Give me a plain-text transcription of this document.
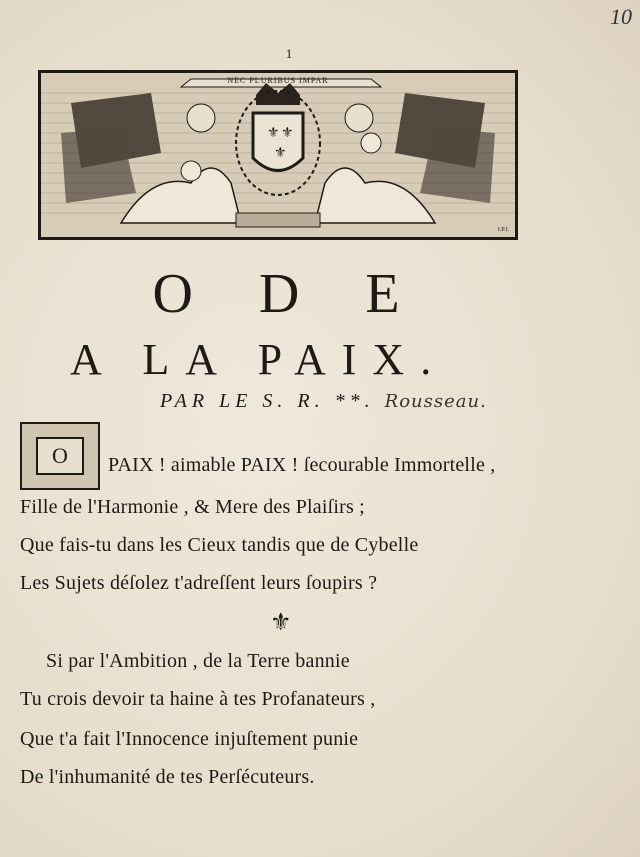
10
1
⚜ ⚜
⚜
NEC PLURIBUS IMPAR
I.P.f.
O D E
A LA PAIX.
PAR LE S. R. **. Rousseau.
O	PAIX ! aimable PAIX ! ſecourable Immortelle ,
Fille de l'Harmonie , & Mere des Plaiſirs ;
Que fais-tu dans les Cieux tandis que de Cybelle
Les Sujets déſolez t'adreſſent leurs ſoupirs ?
⚜
Si par l'Ambition , de la Terre bannie
Tu crois devoir ta haine à tes Profanateurs ,
Que t'a fait l'Innocence injuſtement punie
De l'inhumanité de tes Perſécuteurs.
